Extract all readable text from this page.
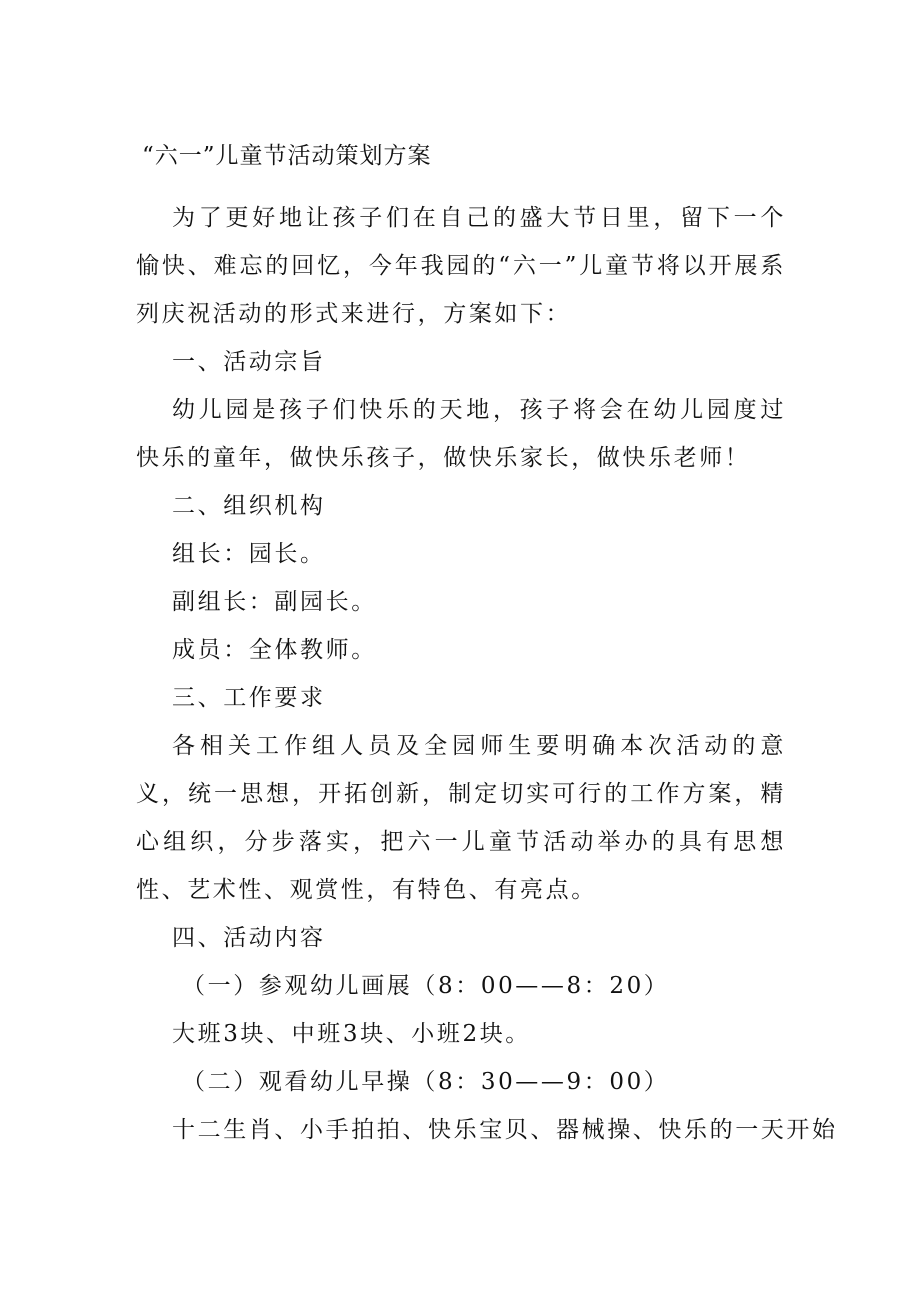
“六一”儿童节活动策划方案

为了更好地让孩子们在自己的盛大节日里，留下一个愉快、难忘的回忆，今年我园的“六一”儿童节将以开展系列庆祝活动的形式来进行，方案如下：

一、活动宗旨

幼儿园是孩子们快乐的天地，孩子将会在幼儿园度过快乐的童年，做快乐孩子，做快乐家长，做快乐老师！

二、组织机构

组长：园长。

副组长：副园长。

成员：全体教师。

三、工作要求

各相关工作组人员及全园师生要明确本次活动的意义，统一思想，开拓创新，制定切实可行的工作方案，精心组织，分步落实，把六一儿童节活动举办的具有思想性、艺术性、观赏性，有特色、有亮点。

四、活动内容

（一）参观幼儿画展（8：00——8：20）

大班3块、中班3块、小班2块。

（二）观看幼儿早操（8：30——9：00）

十二生肖、小手拍拍、快乐宝贝、器械操、快乐的一天开始
